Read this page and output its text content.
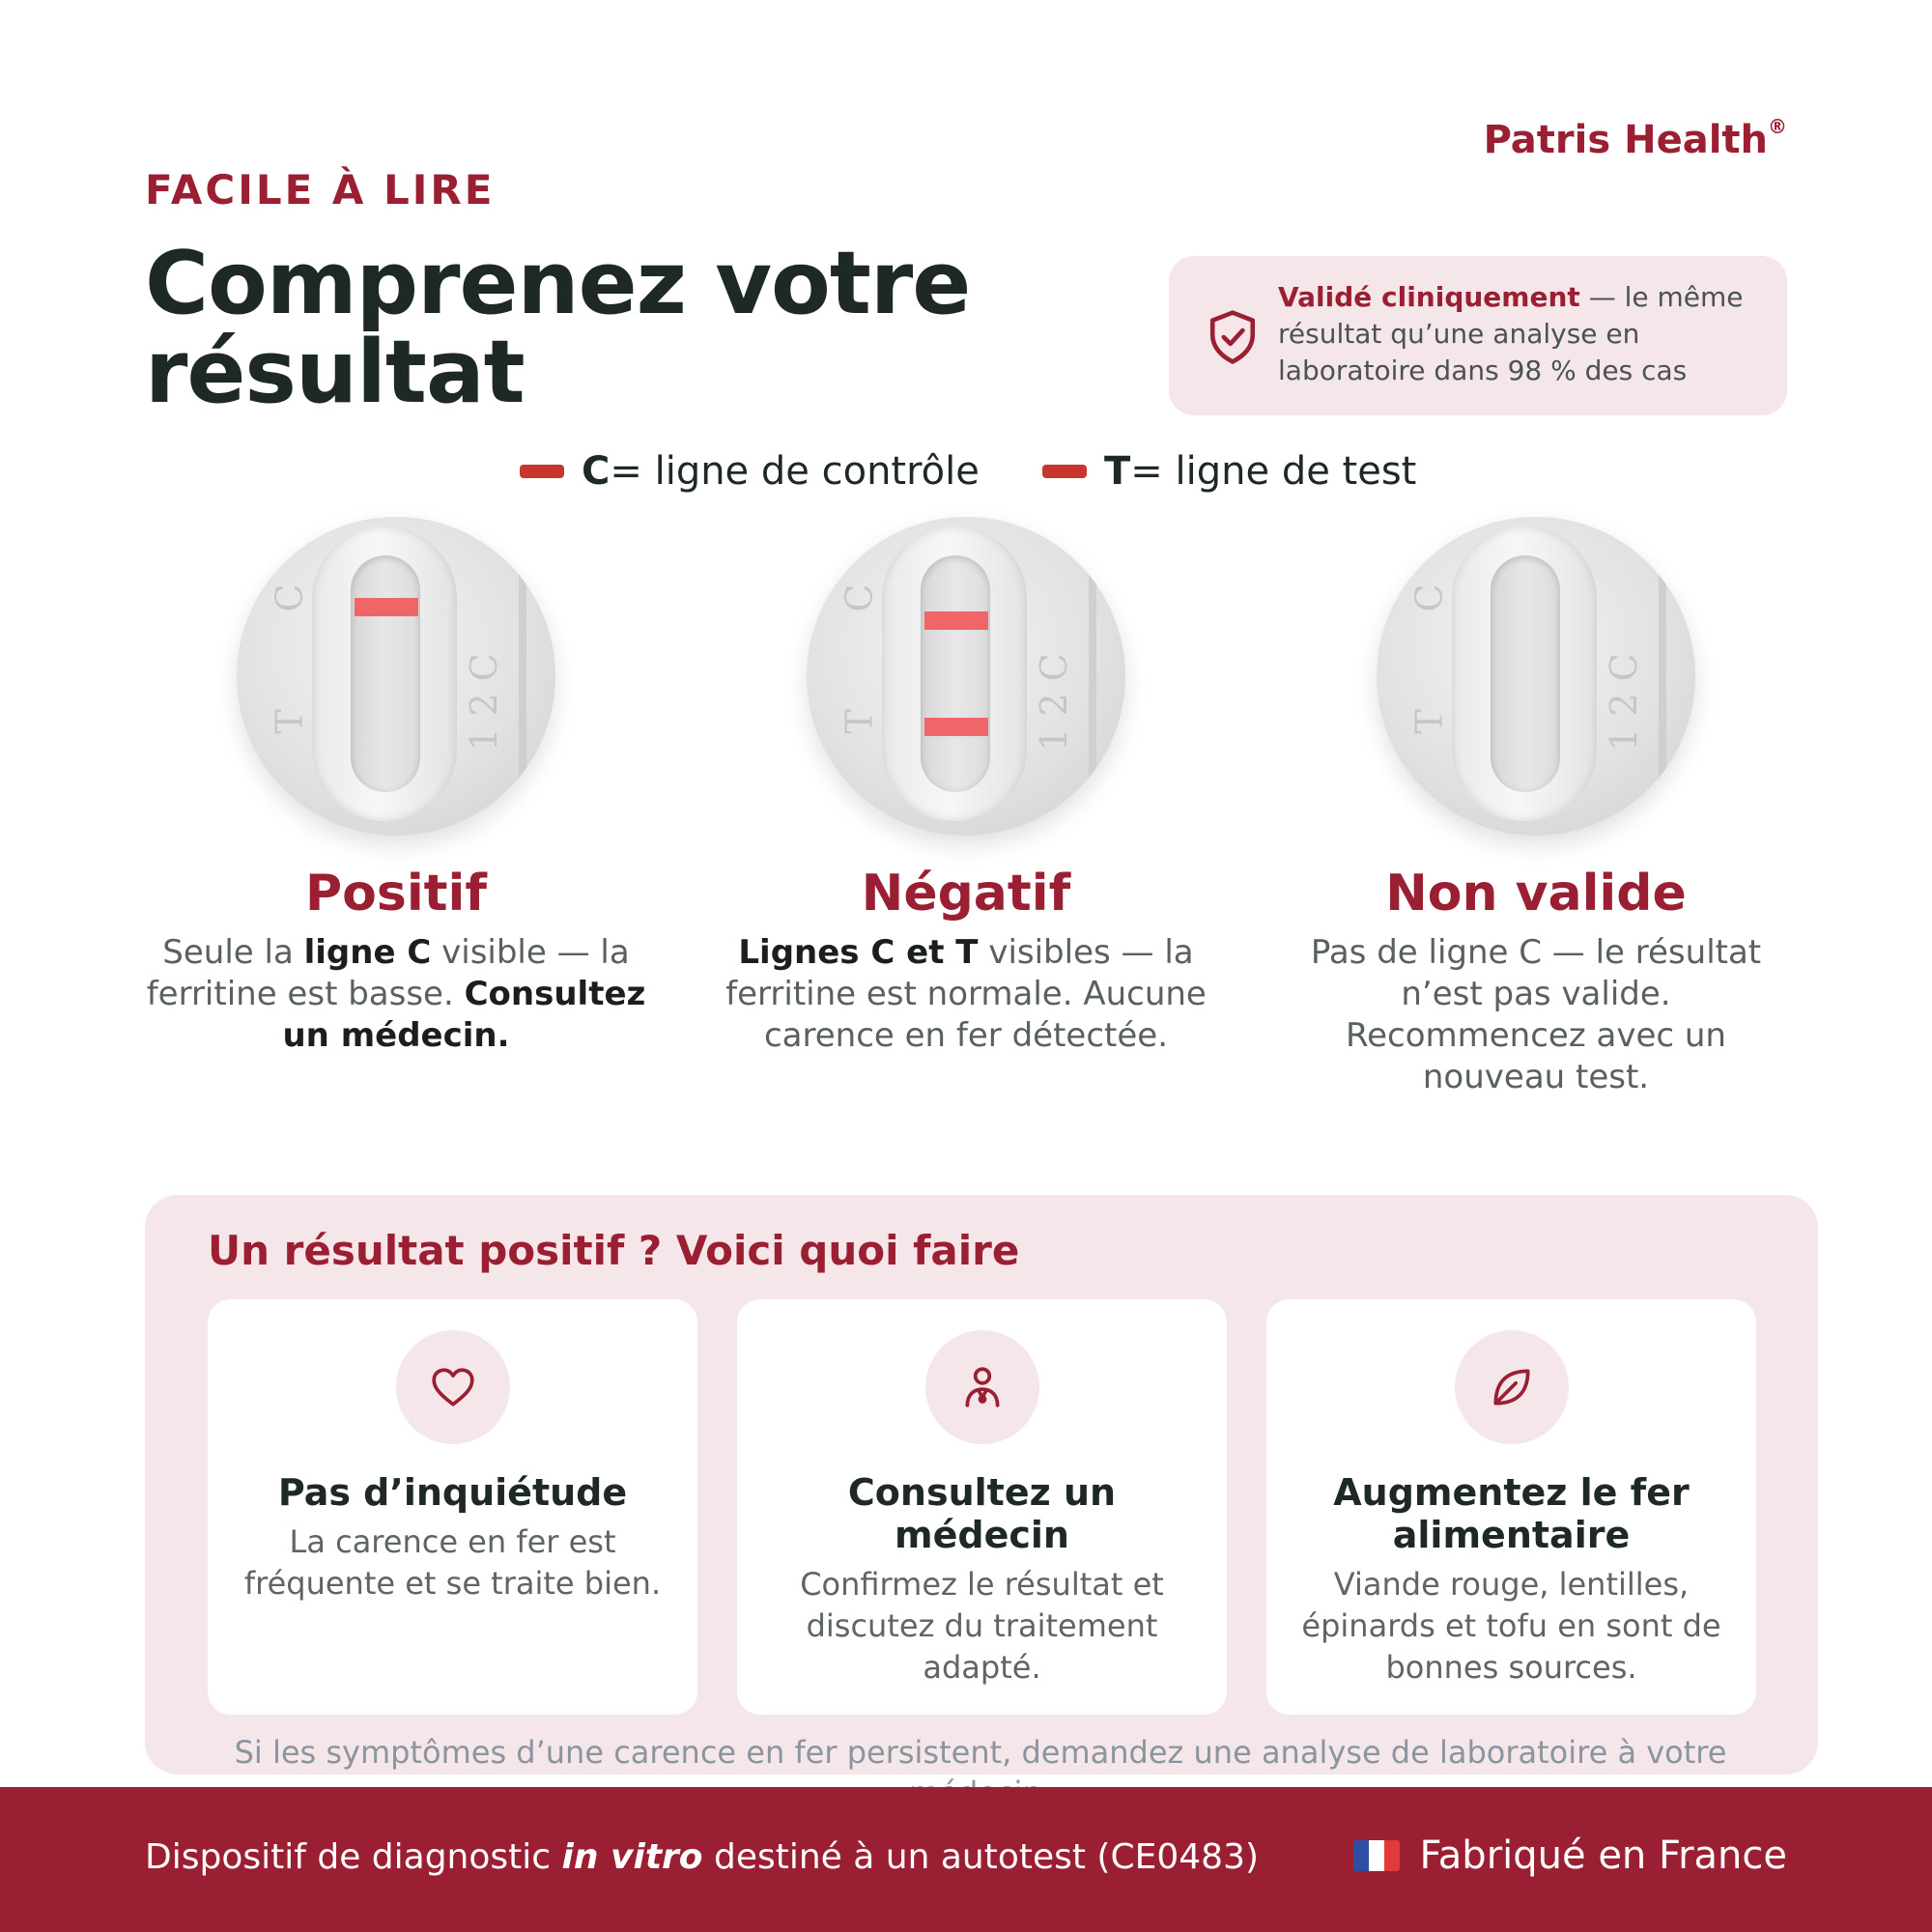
Patris Health®
FACILE À LIRE
Comprenez votre
résultat
Validé cliniquement — le même résultat qu’une analyse en laboratoire dans 98 % des cas
C = ligne de contrôle	T = ligne de test
C
T	1 2 C
Positif
Seule la ligne C visible — la ferritine est basse. Consultez un médecin.
C
T	1 2 C
Négatif
Lignes C et T visibles — la ferritine est normale. Aucune carence en fer détectée.
C
T	1 2 C
Non valide
Pas de ligne C — le résultat n’est pas valide. Recommencez avec un nouveau test.
Un résultat positif ? Voici quoi faire
Pas d’inquiétude
La carence en fer est fréquente et se traite bien.
Consultez un médecin
Confirmez le résultat et discutez du traitement adapté.
Augmentez le fer alimentaire
Viande rouge, lentilles, épinards et tofu en sont de bonnes sources.
Si les symptômes d’une carence en fer persistent, demandez une analyse de laboratoire à votre
Dispositif de diagnostic in vitro destiné à un autotest (CE0483)	Fabriqué en France
